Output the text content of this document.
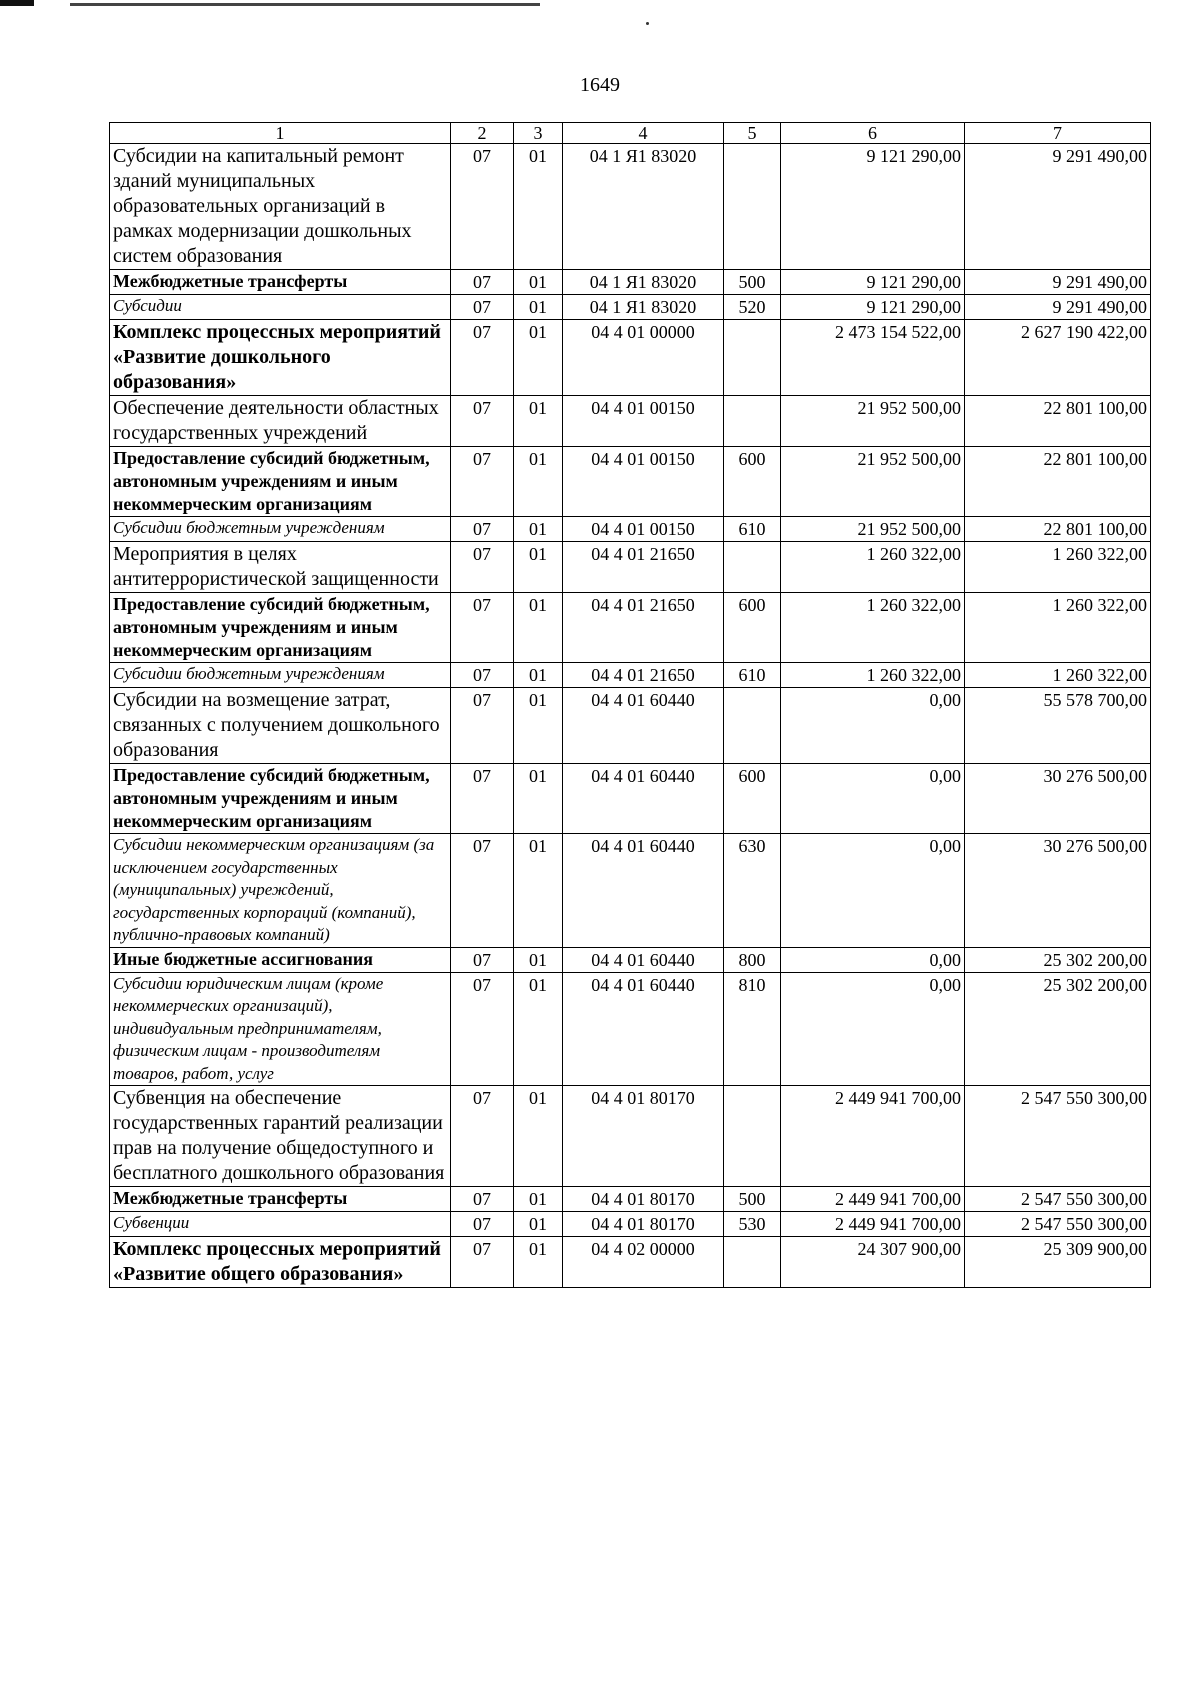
1649
1	2	3	4	5	6	7
Субсидии на капитальный ремонт зданий муниципальных образовательных организаций в рамках модернизации дошкольных систем образования	07	01	04 1 Я1 83020		9 121 290,00	9 291 490,00
Межбюджетные трансферты	07	01	04 1 Я1 83020	500	9 121 290,00	9 291 490,00
Субсидии	07	01	04 1 Я1 83020	520	9 121 290,00	9 291 490,00
Комплекс процессных мероприятий «Развитие дошкольного образования»	07	01	04 4 01 00000		2 473 154 522,00	2 627 190 422,00
Обеспечение деятельности областных государственных учреждений	07	01	04 4 01 00150		21 952 500,00	22 801 100,00
Предоставление субсидий бюджетным, автономным учреждениям и иным некоммерческим организациям	07	01	04 4 01 00150	600	21 952 500,00	22 801 100,00
Субсидии бюджетным учреждениям	07	01	04 4 01 00150	610	21 952 500,00	22 801 100,00
Мероприятия в целях антитеррористической защищенности	07	01	04 4 01 21650		1 260 322,00	1 260 322,00
Предоставление субсидий бюджетным, автономным учреждениям и иным некоммерческим организациям	07	01	04 4 01 21650	600	1 260 322,00	1 260 322,00
Субсидии бюджетным учреждениям	07	01	04 4 01 21650	610	1 260 322,00	1 260 322,00
Субсидии на возмещение затрат, связанных с получением дошкольного образования	07	01	04 4 01 60440		0,00	55 578 700,00
Предоставление субсидий бюджетным, автономным учреждениям и иным некоммерческим организациям	07	01	04 4 01 60440	600	0,00	30 276 500,00
Субсидии некоммерческим организациям (за исключением государственных (муниципальных) учреждений, государственных корпораций (компаний), публично-правовых компаний)	07	01	04 4 01 60440	630	0,00	30 276 500,00
Иные бюджетные ассигнования	07	01	04 4 01 60440	800	0,00	25 302 200,00
Субсидии юридическим лицам (кроме некоммерческих организаций), индивидуальным предпринимателям, физическим лицам - производителям товаров, работ, услуг	07	01	04 4 01 60440	810	0,00	25 302 200,00
Субвенция на обеспечение государственных гарантий реализации прав на получение общедоступного и бесплатного дошкольного образования	07	01	04 4 01 80170		2 449 941 700,00	2 547 550 300,00
Межбюджетные трансферты	07	01	04 4 01 80170	500	2 449 941 700,00	2 547 550 300,00
Субвенции	07	01	04 4 01 80170	530	2 449 941 700,00	2 547 550 300,00
Комплекс процессных мероприятий «Развитие общего образования»	07	01	04 4 02 00000		24 307 900,00	25 309 900,00
